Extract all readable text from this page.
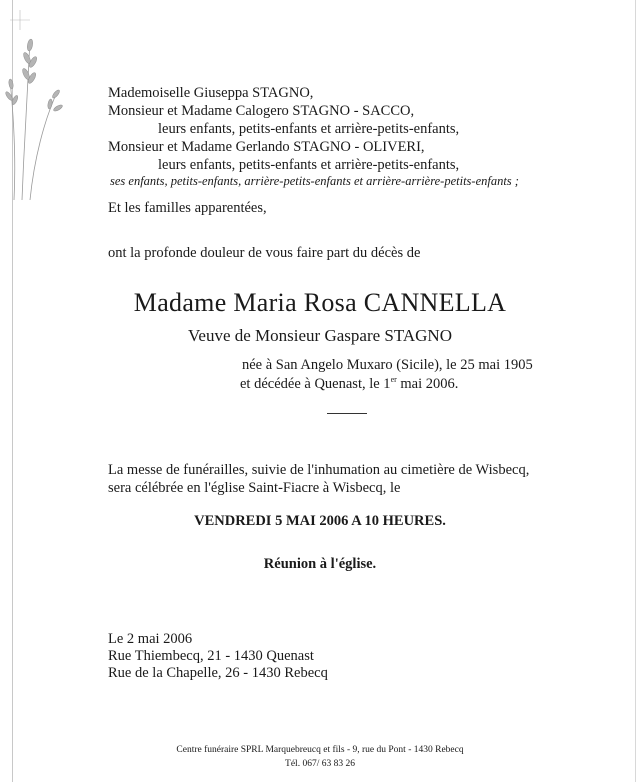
Mademoiselle Giuseppa STAGNO,
Monsieur et Madame Calogero STAGNO - SACCO,
leurs enfants, petits-enfants et arrière-petits-enfants,
Monsieur et Madame Gerlando STAGNO - OLIVERI,
leurs enfants, petits-enfants et arrière-petits-enfants,
ses enfants, petits-enfants, arrière-petits-enfants et arrière-arrière-petits-enfants ;
Et les familles apparentées,
ont la profonde douleur de vous faire part du décès de
Madame Maria Rosa CANNELLA
Veuve de Monsieur Gaspare STAGNO
née à San Angelo Muxaro (Sicile), le 25 mai 1905
et décédée à Quenast, le 1er mai 2006.
La messe de funérailles, suivie de l'inhumation au cimetière de Wisbecq,
sera célébrée en l'église Saint-Fiacre à Wisbecq, le
VENDREDI 5 MAI 2006 A 10 HEURES.
Réunion à l'église.
Le 2 mai 2006
Rue Thiembecq, 21 - 1430 Quenast
Rue de la Chapelle, 26 - 1430 Rebecq
Centre funéraire SPRL Marquebreucq et fils - 9, rue du Pont - 1430 Rebecq
Tél. 067/ 63 83 26
